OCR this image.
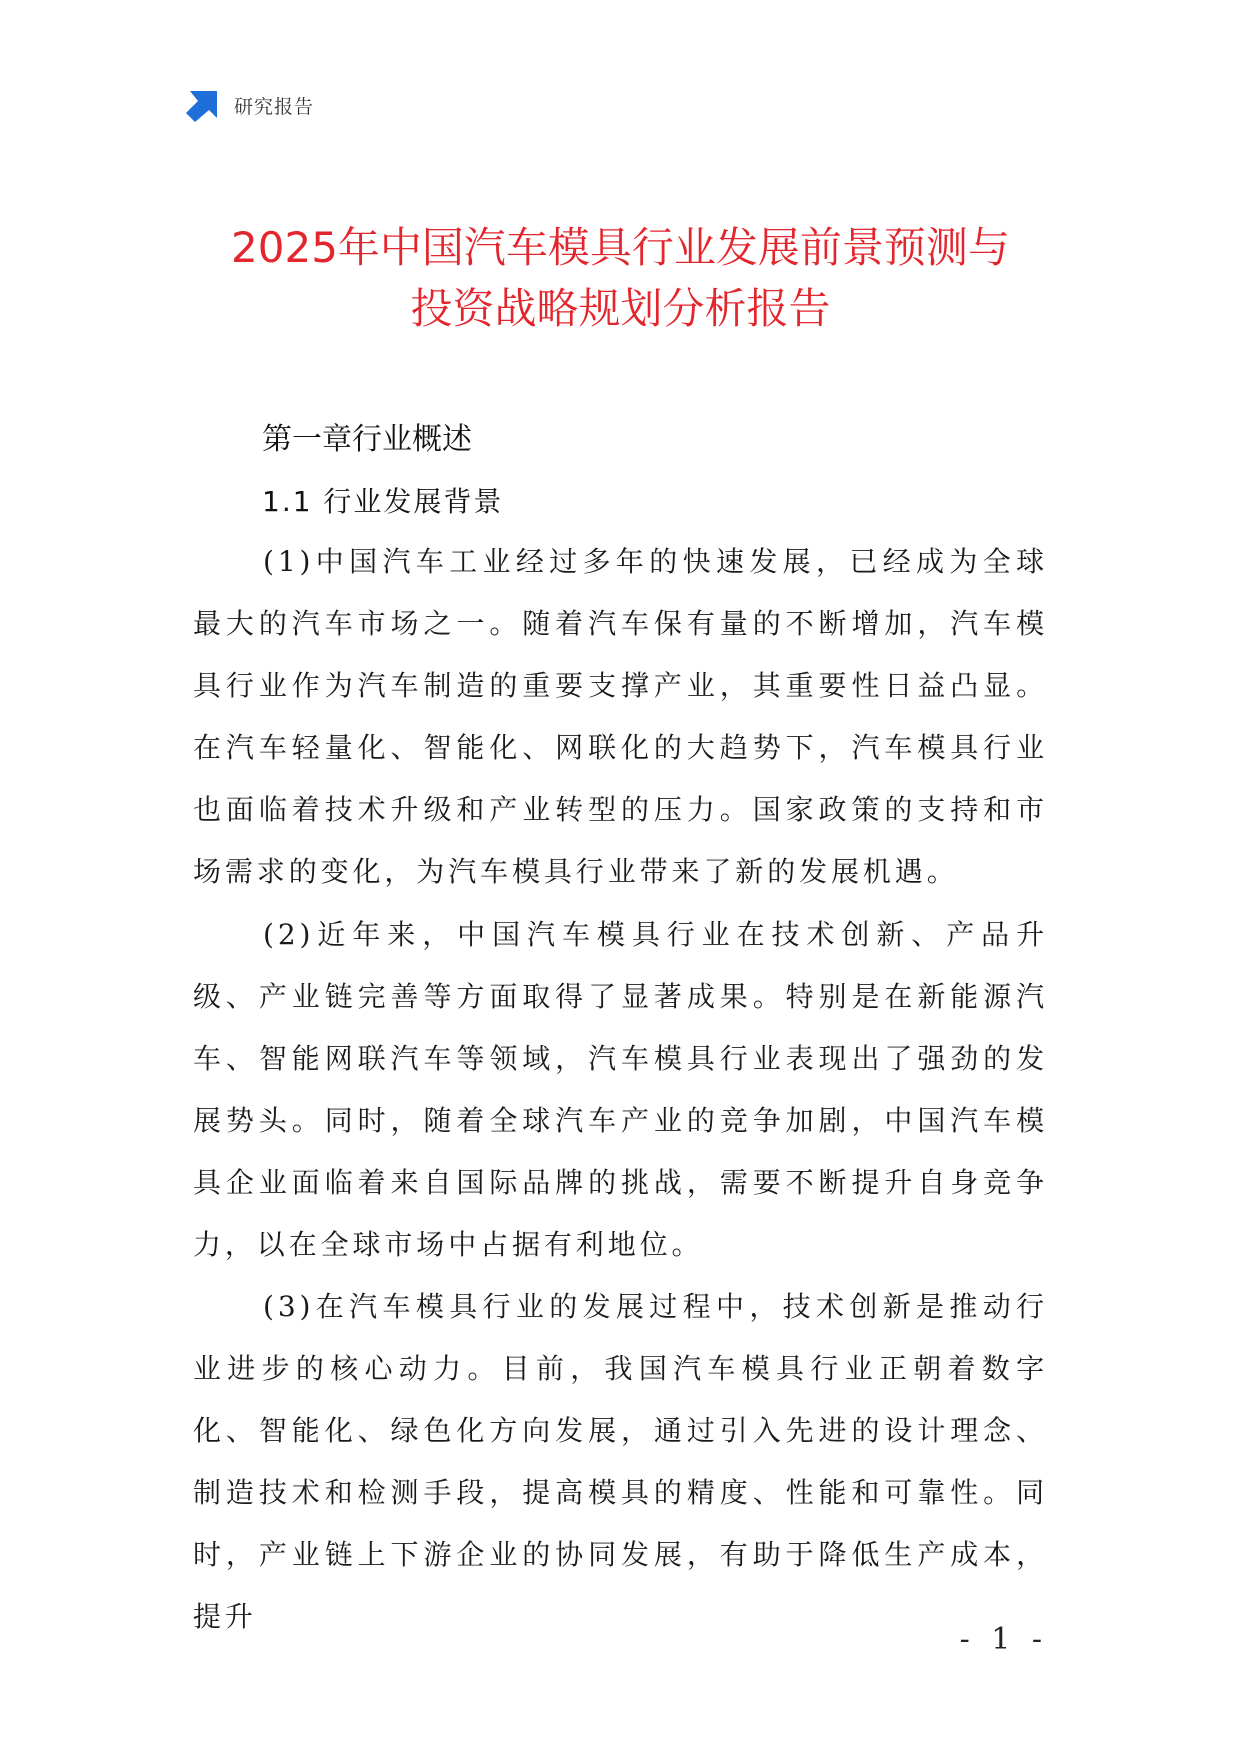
研究报告
2025年中国汽车模具行业发展前景预测与
投资战略规划分析报告
第一章行业概述
1.1 行业发展背景

(1)中国汽车工业经过多年的快速发展，已经成为全球最大的汽车市场之一。随着汽车保有量的不断增加，汽车模具行业作为汽车制造的重要支撑产业，其重要性日益凸显。在汽车轻量化、智能化、网联化的大趋势下，汽车模具行业也面临着技术升级和产业转型的压力。国家政策的支持和市场需求的变化，为汽车模具行业带来了新的发展机遇。

(2)近年来，中国汽车模具行业在技术创新、产品升级、产业链完善等方面取得了显著成果。特别是在新能源汽车、智能网联汽车等领域，汽车模具行业表现出了强劲的发展势头。同时，随着全球汽车产业的竞争加剧，中国汽车模具企业面临着来自国际品牌的挑战，需要不断提升自身竞争力，以在全球市场中占据有利地位。

(3)在汽车模具行业的发展过程中，技术创新是推动行业进步的核心动力。目前，我国汽车模具行业正朝着数字化、智能化、绿色化方向发展，通过引入先进的设计理念、制造技术和检测手段，提高模具的精度、性能和可靠性。同时，产业链上下游企业的协同发展，有助于降低生产成本，提升

- 1 -
